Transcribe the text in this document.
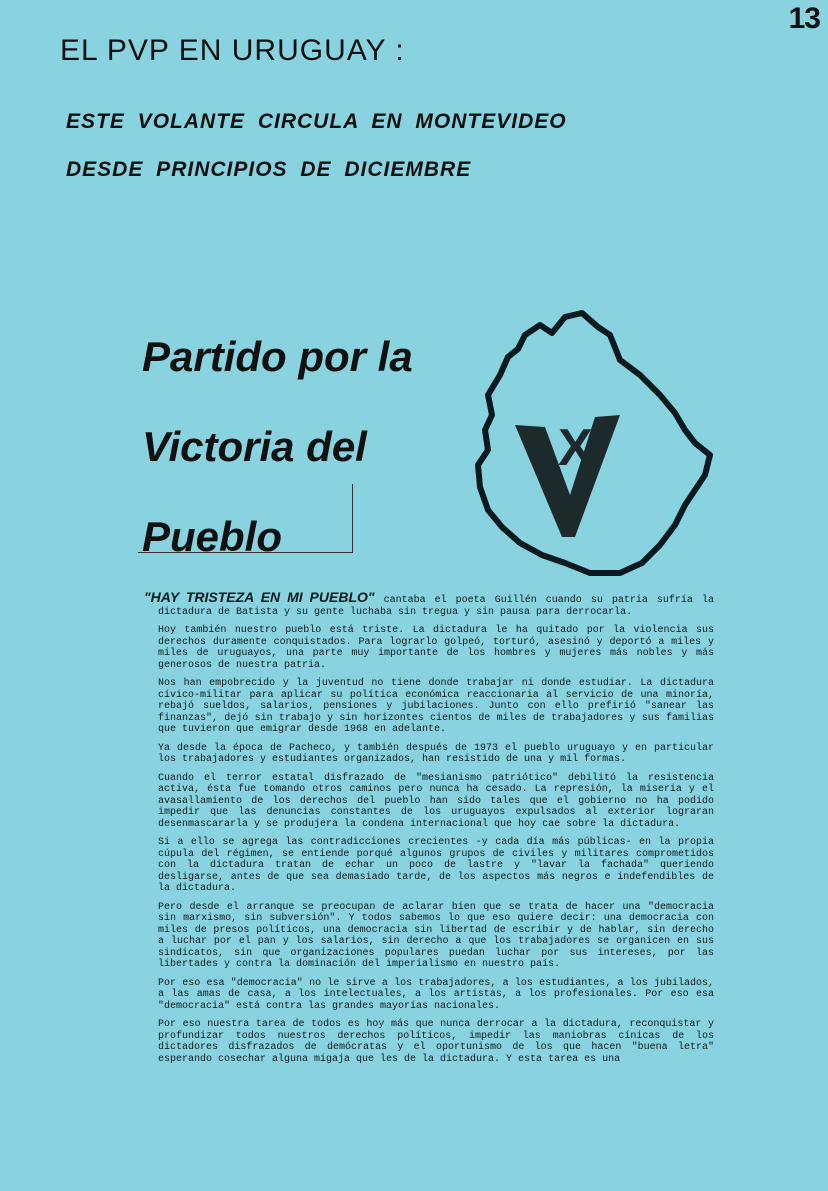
13
EL PVP EN URUGUAY :
ESTE VOLANTE CIRCULA EN MONTEVIDEO
DESDE PRINCIPIOS DE DICIEMBRE
Partido por la
Victoria del
Pueblo
X

"HAY TRISTEZA EN MI PUEBLO" cantaba el poeta Guillén cuando su patria sufría la dictadura de Batista y su gente luchaba sin tregua y sin pausa para derrocarla.

Hoy también nuestro pueblo está triste. La dictadura le ha quitado por la violencia sus derechos duramente conquistados. Para lograrlo golpeó, torturó, asesinó y deportó a miles y miles de uruguayos, una parte muy importante de los hombres y mujeres más nobles y más generosos de nuestra patria.

Nos han empobrecido y la juventud no tiene donde trabajar ni donde estudiar. La dictadura cívico-militar para aplicar su política económica reaccionaria al servicio de una minoría, rebajó sueldos, salarios, pensiones y jubilaciones. Junto con ello prefirió "sanear las finanzas", dejó sin trabajo y sin horizontes cientos de miles de trabajadores y sus familias que tuvieron que emigrar desde 1968 en adelante.

Ya desde la época de Pacheco, y también después de 1973 el pueblo uruguayo y en particular los trabajadores y estudiantes organizados, han resistido de una y mil formas.

Cuando el terror estatal disfrazado de "mesianismo patriótico" debilitó la resistencia activa, ésta fue tomando otros caminos pero nunca ha cesado. La represión, la miseria y el avasallamiento de los derechos del pueblo han sido tales que el gobierno no ha podido impedir que las denuncias constantes de los uruguayos expulsados al exterior lograran desenmascararla y se produjera la condena internacional que hoy cae sobre la dictadura.

Si a ello se agrega las contradicciones crecientes -y cada día más públicas- en la propia cúpula del régimen, se entiende porqué algunos grupos de civiles y militares comprometidos con la dictadura tratan de echar un poco de lastre y "lavar la fachada" queriendo desligarse, antes de que sea demasiado tarde, de los aspectos más negros e indefendibles de la dictadura.

Pero desde el arranque se preocupan de aclarar bien que se trata de hacer una "democracia sin marxismo, sin subversión". Y todos sabemos lo que eso quiere decir: una democracia con miles de presos políticos, una democracia sin libertad de escribir y de hablar, sin derecho a luchar por el pan y los salarios, sin derecho a que los trabajadores se organicen en sus sindicatos, sin que organizaciones populares puedan luchar por sus intereses, por las libertades y contra la dominación del imperialismo en nuestro país.

Por eso esa "democracia" no le sirve a los trabajadores, a los estudiantes, a los jubilados, a las amas de casa, a los intelectuales, a los artistas, a los profesionales. Por eso esa "democracia" está contra las grandes mayorías nacionales.

Por eso nuestra tarea de todos es hoy más que nunca derrocar a la dictadura, reconquistar y profundizar todos nuestros derechos políticos, impedir las maniobras cínicas de los dictadores disfrazados de demócratas y el oportunismo de los que hacen "buena letra" esperando cosechar alguna migaja que les de la dictadura. Y esta tarea es una
